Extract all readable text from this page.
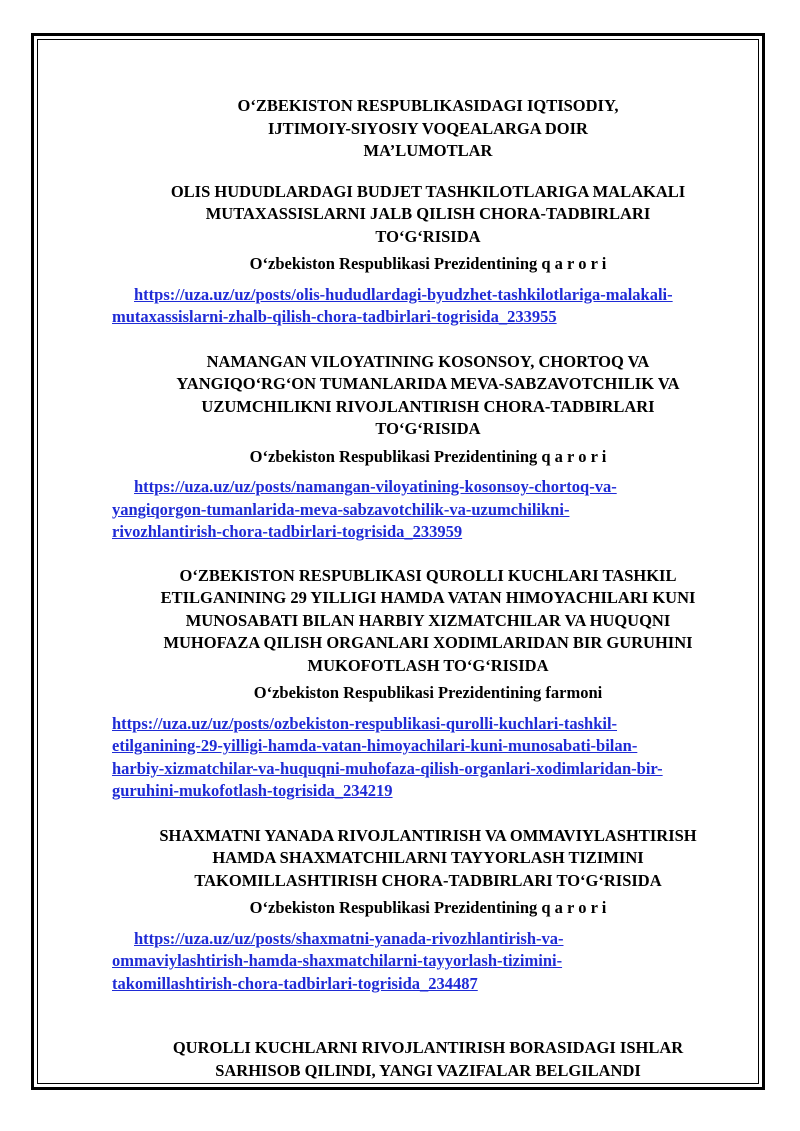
O‘ZBEKISTON RESPUBLIKASIDAGI IQTISODIY,
IJTIMOIY-SIYOSIY VOQEALARGA DOIR
MA’LUMOTLAR

OLIS HUDUDLARDAGI BUDJET TASHKILOTLARIGA MALAKALI
MUTAXASSISLARNI JALB QILISH CHORA-TADBIRLARI
TO‘G‘RISIDA

O‘zbekiston Respublikasi Prezidentining q a r o r i

https://uza.uz/uz/posts/olis-hududlardagi-byudzhet-tashkilotlariga-malakali-
mutaxassislarni-zhalb-qilish-chora-tadbirlari-togrisida_233955

NAMANGAN VILOYATINING KOSONSOY, CHORTOQ VA
YANGIQO‘RG‘ON TUMANLARIDA MEVA-SABZAVOTCHILIK VA
UZUMCHILIKNI RIVOJLANTIRISH CHORA-TADBIRLARI
TO‘G‘RISIDA

O‘zbekiston Respublikasi Prezidentining q a r o r i

https://uza.uz/uz/posts/namangan-viloyatining-kosonsoy-chortoq-va-
yangiqorgon-tumanlarida-meva-sabzavotchilik-va-uzumchilikni-
rivozhlantirish-chora-tadbirlari-togrisida_233959

O‘ZBEKISTON RESPUBLIKASI QUROLLI KUCHLARI TASHKIL
ETILGANINING 29 YILLIGI HAMDA VATAN HIMOYACHILARI KUNI
MUNOSABATI BILAN HARBIY XIZMATCHILAR VA HUQUQNI
MUHOFAZA QILISH ORGANLARI XODIMLARIDAN BIR GURUHINI
MUKOFOTLASH TO‘G‘RISIDA

O‘zbekiston Respublikasi Prezidentining farmoni

https://uza.uz/uz/posts/ozbekiston-respublikasi-qurolli-kuchlari-tashkil-
etilganining-29-yilligi-hamda-vatan-himoyachilari-kuni-munosabati-bilan-
harbiy-xizmatchilar-va-huquqni-muhofaza-qilish-organlari-xodimlaridan-bir-
guruhini-mukofotlash-togrisida_234219

SHAXMATNI YANADA RIVOJLANTIRISH VA OMMAVIYLASHTIRISH
HAMDA SHAXMATCHILARNI TAYYORLASH TIZIMINI
TAKOMILLASHTIRISH CHORA-TADBIRLARI TO‘G‘RISIDA

O‘zbekiston Respublikasi Prezidentining q a r o r i

https://uza.uz/uz/posts/shaxmatni-yanada-rivozhlantirish-va-
ommaviylashtirish-hamda-shaxmatchilarni-tayyorlash-tizimini-
takomillashtirish-chora-tadbirlari-togrisida_234487

QUROLLI KUCHLARNI RIVOJLANTIRISH BORASIDAGI ISHLAR
SARHISOB QILINDI, YANGI VAZIFALAR BELGILANDI
